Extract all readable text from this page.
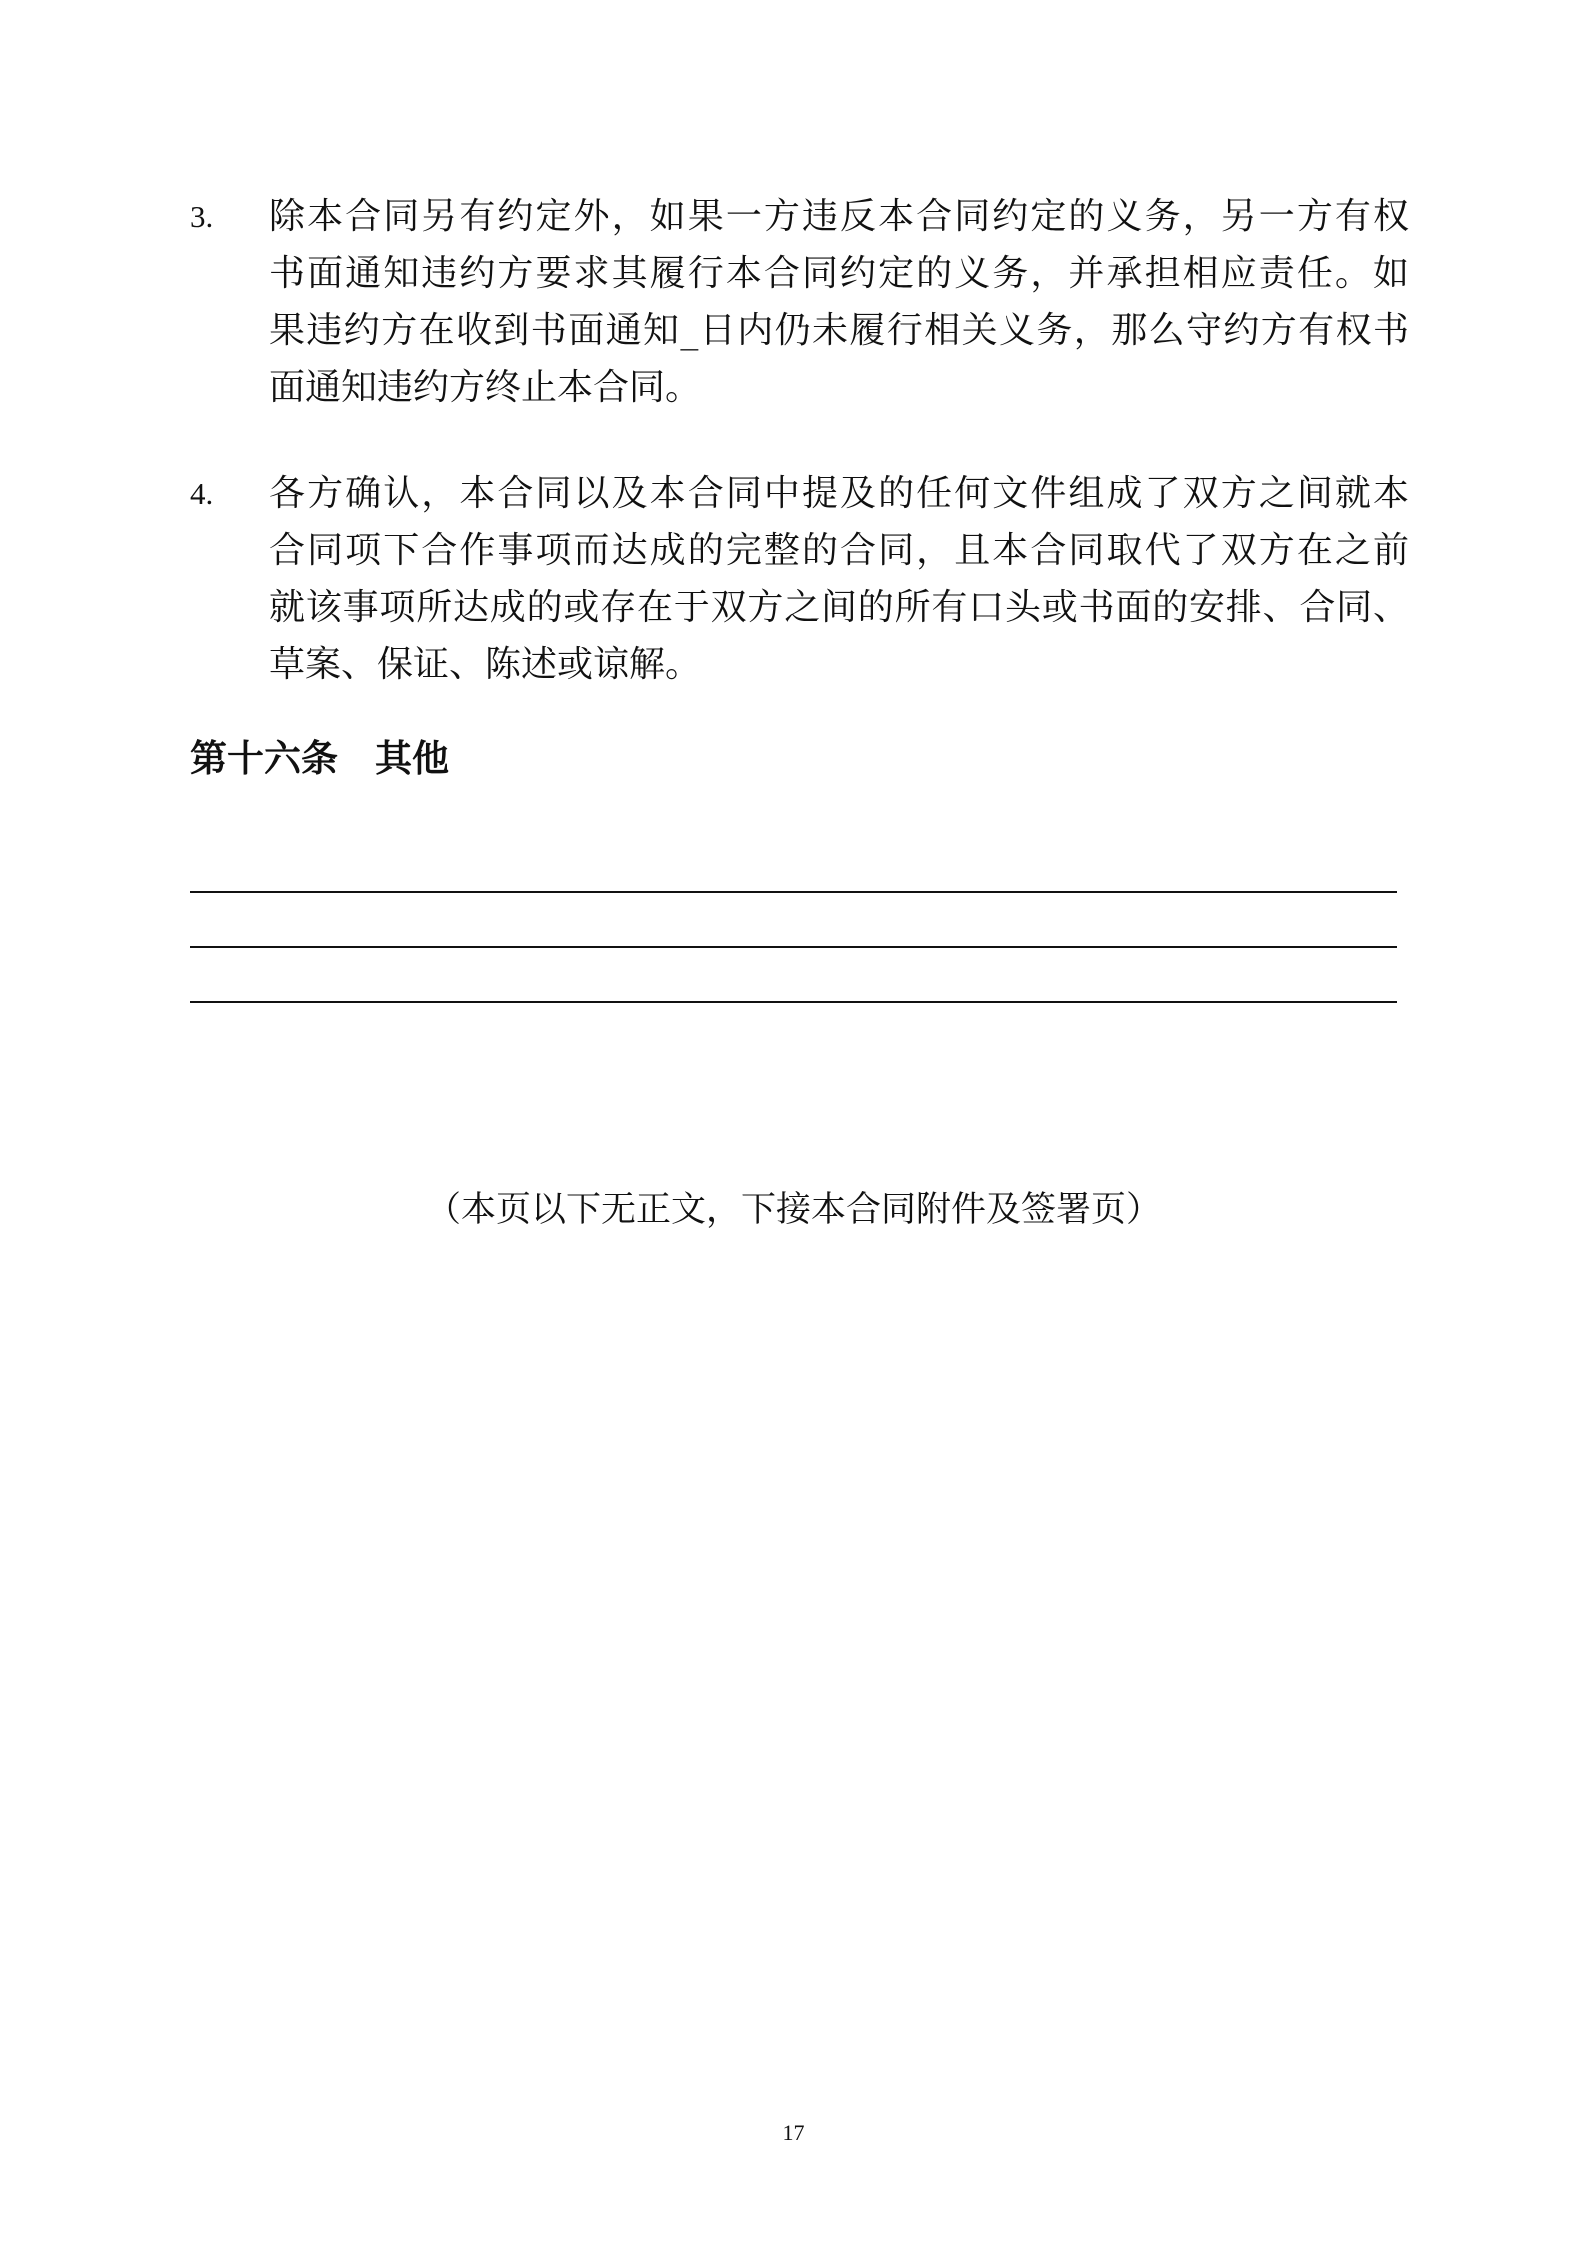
3. 除本合同另有约定外，如果一方违反本合同约定的义务，另一方有权
书面通知违约方要求其履行本合同约定的义务，并承担相应责任。如
果违约方在收到书面通知_日内仍未履行相关义务，那么守约方有权书
面通知违约方终止本合同。
4. 各方确认，本合同以及本合同中提及的任何文件组成了双方之间就本
合同项下合作事项而达成的完整的合同，且本合同取代了双方在之前
就该事项所达成的或存在于双方之间的所有口头或书面的安排、合同、
草案、保证、陈述或谅解。
第十六条　其他
（本页以下无正文，下接本合同附件及签署页）
17
